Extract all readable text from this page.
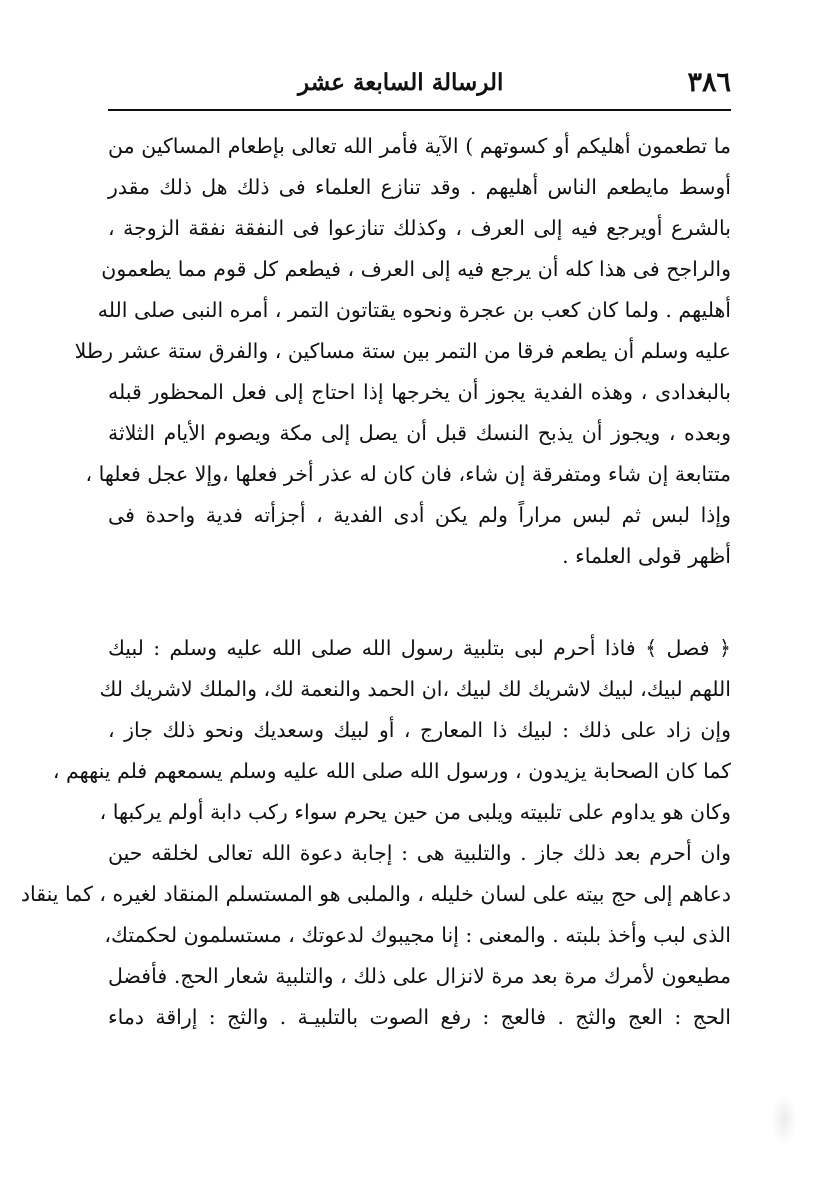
٣٨٦
الرسالة السابعة عشر
ما تطعمون أهليكم أو كسوتهم ) الآية فأمر الله تعالى بإطعام المساكين من
أوسط مايطعم الناس أهليهم . وقد تنازع العلماء فى ذلك هل ذلك مقدر
بالشرع أويرجع فيه إلى العرف ، وكذلك تنازعوا فى النفقة نفقة الزوجة ،
والراجح فى هذا كله أن يرجع فيه إلى العرف ، فيطعم كل قوم مما يطعمون
أهليهم . ولما كان كعب بن عجرة ونحوه يقتاتون التمر ، أمره النبى صلى الله
عليه وسلم أن يطعم فرقا من التمر بين ستة مساكين ، والفرق ستة عشر رطلا
بالبغدادى ، وهذه الفدية يجوز أن يخرجها إذا احتاج إلى فعل المحظور قبله
وبعده ، ويجوز أن يذبح النسك قبل أن يصل إلى مكة ويصوم الأيام الثلاثة
متتابعة إن شاء ومتفرقة إن شاء، فان كان له عذر أخر فعلها ،وإلا عجل فعلها ،
وإذا لبس ثم لبس مراراً ولم يكن أدى الفدية ، أجزأته فدية واحدة فى
أظهر قولى العلماء .
﴿ فصل ﴾ فاذا أحرم لبى بتلبية رسول الله صلى الله عليه وسلم : لبيك
اللهم لبيك، لبيك لاشريك لك لبيك ،ان الحمد والنعمة لك، والملك لاشريك لك
وإن زاد على ذلك : لبيك ذا المعارج ، أو لبيك وسعديك ونحو ذلك جاز ،
كما كان الصحابة يزيدون ، ورسول الله صلى الله عليه وسلم يسمعهم فلم ينههم ،
وكان هو يداوم على تلبيته ويلبى من حين يحرم سواء ركب دابة أولم يركبها ،
وان أحرم بعد ذلك جاز . والتلبية هى : إجابة دعوة الله تعالى لخلقه حين
دعاهم إلى حج بيته على لسان خليله ، والملبى هو المستسلم المنقاد لغيره ، كما ينقاد
الذى لبب وأخذ بلبته . والمعنى : إنا مجيبوك لدعوتك ، مستسلمون لحكمتك،
مطيعون لأمرك مرة بعد مرة لانزال على ذلك ، والتلبية شعار الحج. فأفضل
الحج : العج والثج . فالعج : رفع الصوت بالتلبيـة . والثج : إراقة دماء
